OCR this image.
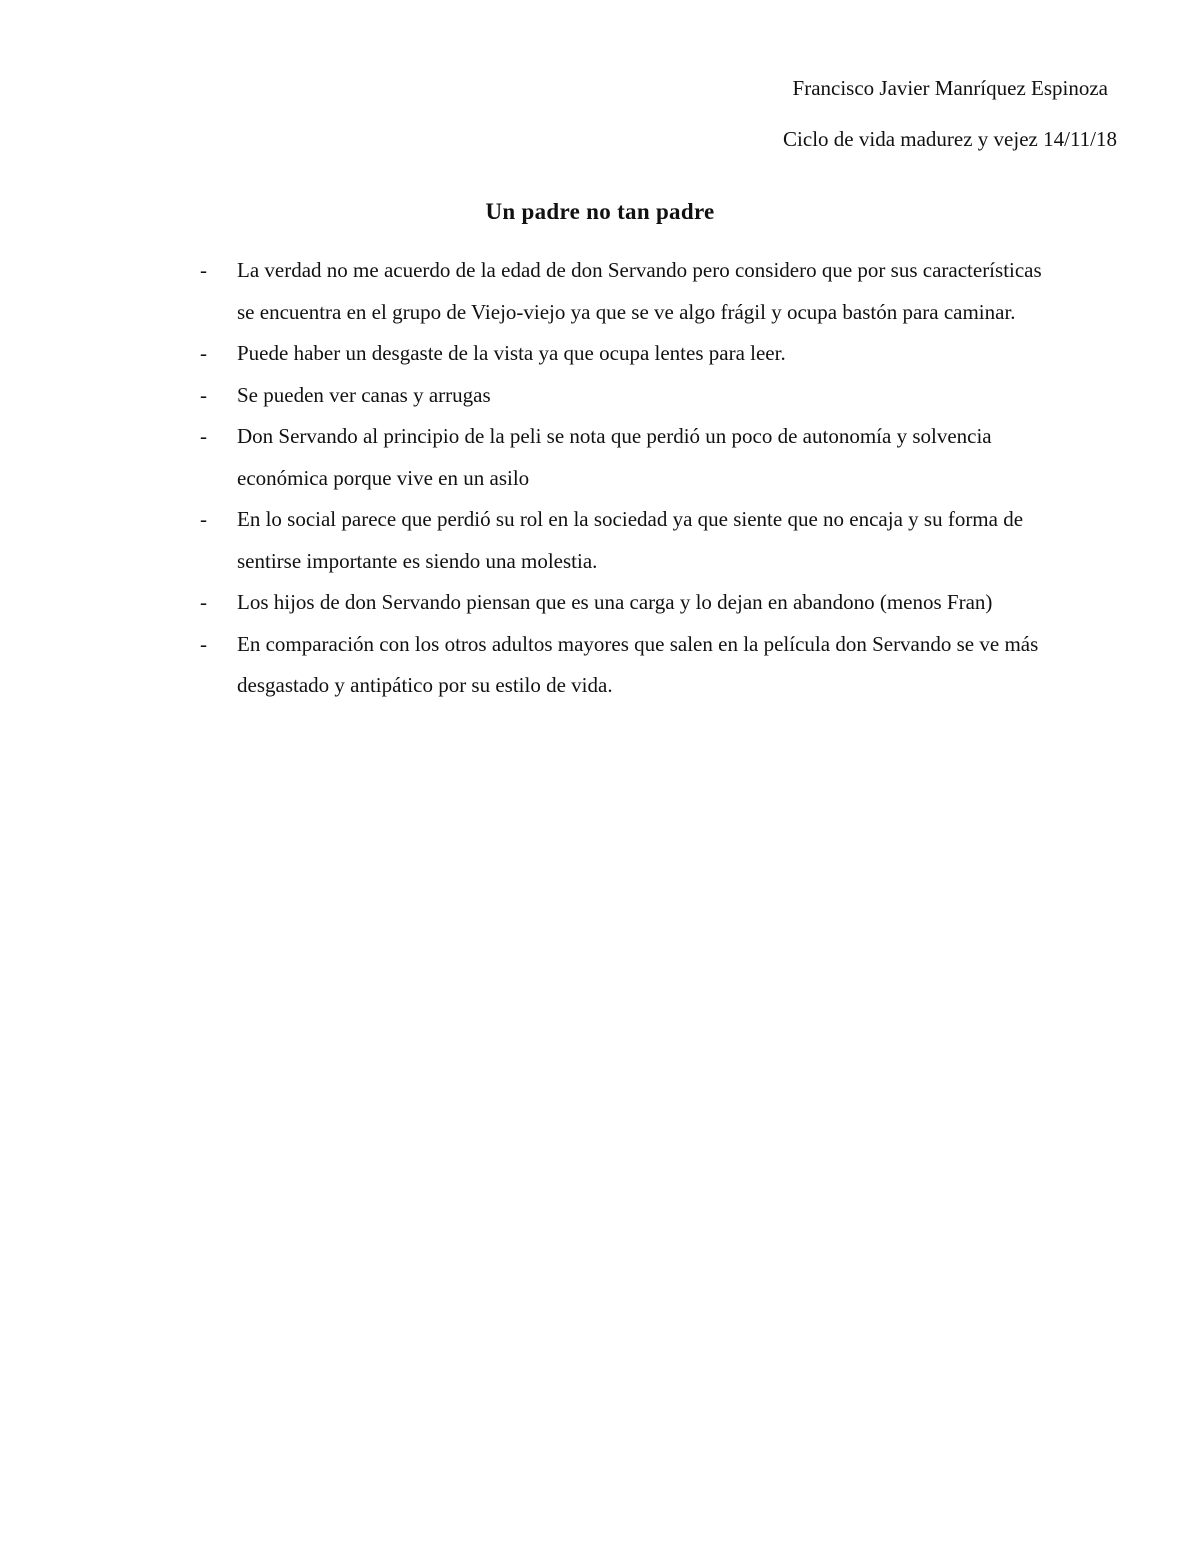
Francisco Javier Manríquez Espinoza
Ciclo de vida madurez y vejez 14/11/18
Un padre no tan padre
- La verdad no me acuerdo de la edad de don Servando pero considero que por sus características se encuentra en el grupo de Viejo-viejo ya que se ve algo frágil y ocupa bastón para caminar.
- Puede haber un desgaste de la vista ya que ocupa lentes para leer.
- Se pueden ver canas y arrugas
- Don Servando al principio de la peli se nota que perdió un poco de autonomía y solvencia económica porque vive en un asilo
- En lo social parece que perdió su rol en la sociedad ya que siente que no encaja y su forma de sentirse importante es siendo una molestia.
- Los hijos de don Servando piensan que es una carga y lo dejan en abandono (menos Fran)
- En comparación con los otros adultos mayores que salen en la película don Servando se ve más desgastado y antipático por su estilo de vida.
